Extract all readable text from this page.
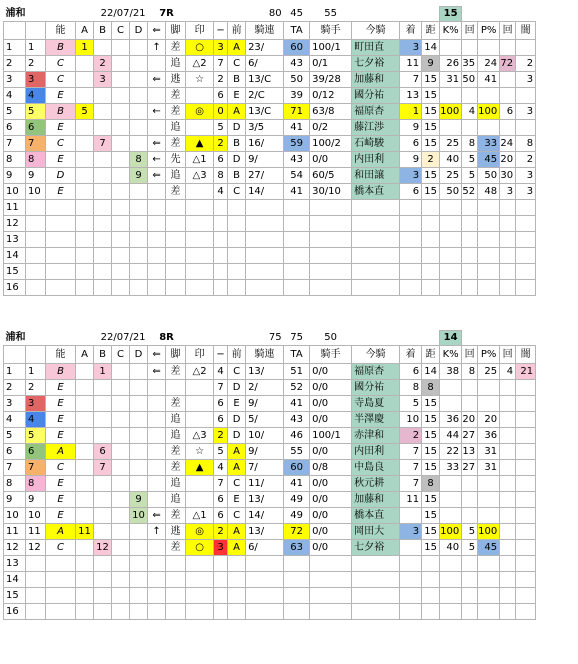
浦和		22/07/21					7R				80		45	55				15				
		能	A	B	C	D	⇐	脚	印	−	前	騎連	TA	騎手	今騎	着	距	K%	回	P%	回	闇
1	1	B	1				↑	差	○	3	A	23/	60	100/1	町田直	3	14					
2	2	C		2				追	△2	7	C	6/	43	0/1	七夕裕	11	9	26	35	24	72	2
3	3	C		3			⇐	逃	☆	2	B	13/C	50	39/28	加藤和	7	15	31	50	41		3
4	4	E						差		6	E	2/C	39	0/12	國分祐	13	15					
5	5	B	5				←	差	◎	0	A	13/C	71	63/8	福原杏	1	15	100	4	100	6	3
6	6	E						追		5	D	3/5	41	0/2	藤江渉	9	15					
7	7	C		7			⇐	差	▲	2	B	16/	59	100/2	石崎駿	6	15	25	8	33	24	8
8	8	E				8	←	先	△1	6	D	9/	43	0/0	内田利	9	2	40	5	45	20	2
9	9	D				9	⇐	追	△3	8	B	27/	54	60/5	和田譲	3	15	25	5	50	30	3
10	10	E						差		4	C	14/	41	30/10	橋本直	6	15	50	52	48	3	3
11																						
12																						
13																						
14																						
15																						
16																						
浦和		22/07/21					8R				75		75	50				14				
		能	A	B	C	D	⇐	脚	印	−	前	騎連	TA	騎手	今騎	着	距	K%	回	P%	回	闇
1	1	B		1			⇐	差	△2	4	C	13/	51	0/0	福原杏	6	14	38	8	25	4	21
2	2	E								7	D	2/	52	0/0	國分祐	8	8					
3	3	E						差		6	E	9/	41	0/0	寺島夏	5	15					
4	4	E						追		6	D	5/	43	0/0	半澤慶	10	15	36	20	20		
5	5	E						追	△3	2	D	10/	46	100/1	赤津和	2	15	44	27	36		
6	6	A		6				差	☆	5	A	9/	55	0/0	内田利	7	15	22	13	31		
7	7	C		7				差	▲	4	A	7/	60	0/8	中島良	7	15	33	27	31		
8	8	E						追		7	C	11/	41	0/0	秋元耕	7	8					
9	9	E				9		追		6	E	13/	49	0/0	加藤和	11	15					
10	10	E				10	⇐	差	△1	6	C	14/	49	0/0	橋本直		15					
11	11	A	11				↑	逃	◎	2	A	13/	72	0/0	岡田大	3	15	100	5	100		
12	12	C		12				差	○	3	A	6/	63	0/0	七夕裕		15	40	5	45		
13																						
14																						
15																						
16																						
